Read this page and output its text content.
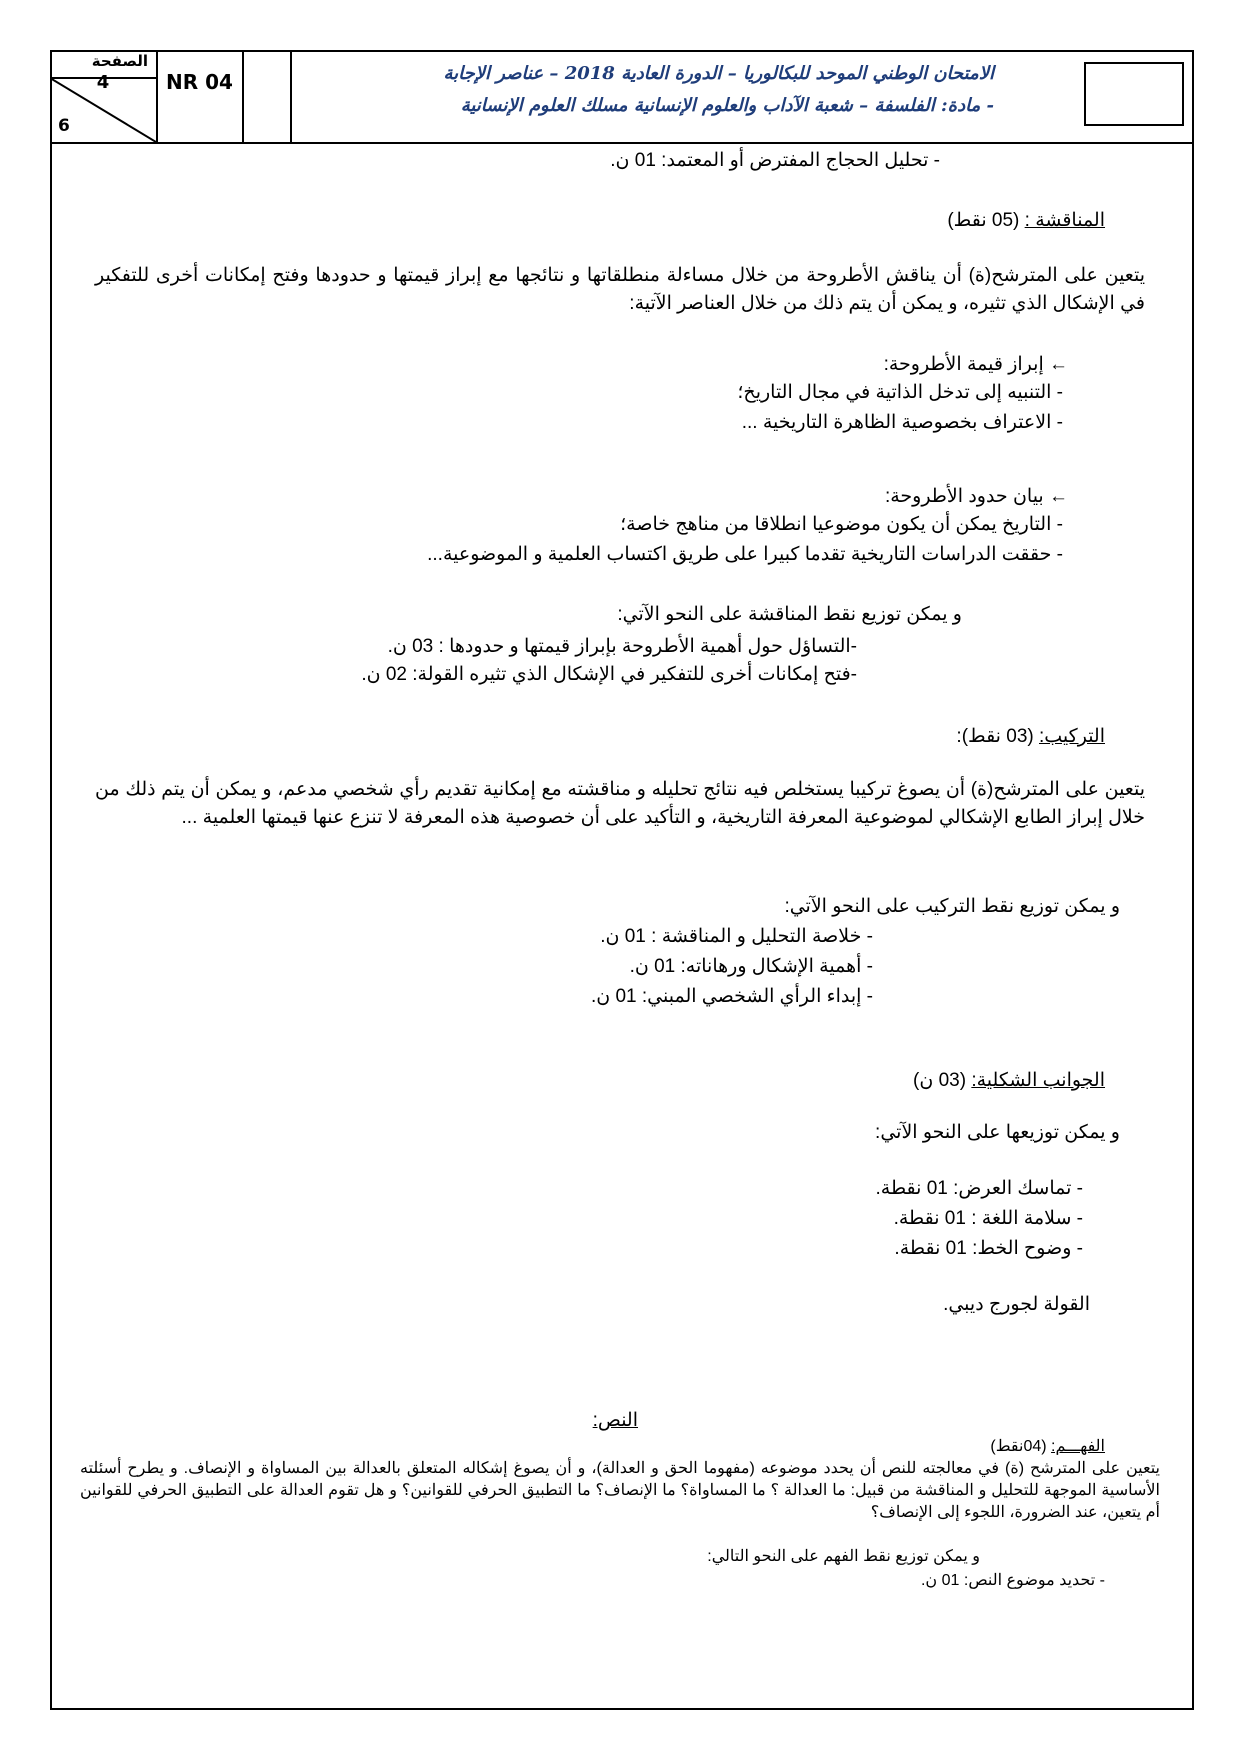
الصفحة
4
6
NR 04	الامتحان الوطني الموحد للبكالوريا – الدورة العادية 2018 – عناصر الإجابة
- مادة: الفلسفة – شعبة الآداب والعلوم الإنسانية مسلك العلوم الإنسانية
- تحليل الحجاج المفترض أو المعتمد: 01 ن.
المناقشة : (05 نقط)
يتعين على المترشح(ة) أن يناقش الأطروحة من خلال مساءلة منطلقاتها و نتائجها مع إبراز قيمتها و حدودها وفتح إمكانات أخرى للتفكير في الإشكال الذي تثيره، و يمكن أن يتم ذلك من خلال العناصر الآتية:
← إبراز قيمة الأطروحة:
- التنبيه إلى تدخل الذاتية في مجال التاريخ؛
- الاعتراف بخصوصية الظاهرة التاريخية ...
← بيان حدود الأطروحة:
- التاريخ يمكن أن يكون موضوعيا انطلاقا من مناهج خاصة؛
- حققت الدراسات التاريخية تقدما كبيرا على طريق اكتساب العلمية و الموضوعية...
و يمكن توزيع نقط المناقشة على النحو الآتي:
-التساؤل حول أهمية الأطروحة بإبراز قيمتها و حدودها : 03 ن.
-فتح إمكانات أخرى للتفكير في الإشكال الذي تثيره القولة: 02 ن.
التركيب: (03 نقط):
يتعين على المترشح(ة) أن يصوغ تركيبا يستخلص فيه نتائج تحليله و مناقشته مع إمكانية تقديم رأي شخصي مدعم، و يمكن أن يتم ذلك من خلال إبراز الطابع الإشكالي لموضوعية المعرفة التاريخية، و التأكيد على أن خصوصية هذه المعرفة لا تنزع عنها قيمتها العلمية ...
و يمكن توزيع نقط التركيب على النحو الآتي:
- خلاصة التحليل و المناقشة : 01 ن.
- أهمية الإشكال ورهاناته: 01 ن.
- إبداء الرأي الشخصي المبني: 01 ن.
الجوانب الشكلية: (03 ن)
و يمكن توزيعها على النحو الآتي:
- تماسك العرض: 01 نقطة.
- سلامة اللغة : 01 نقطة.
- وضوح الخط: 01 نقطة.
القولة لجورج ديبي.
النص:
الفهـــم: (04نقط)
يتعين على المترشح (ة) في معالجته للنص أن يحدد موضوعه (مفهوما الحق و العدالة)، و أن يصوغ إشكاله المتعلق بالعدالة بين المساواة و الإنصاف. و يطرح أسئلته الأساسية الموجهة للتحليل و المناقشة من قبيل: ما العدالة ؟ ما المساواة؟ ما الإنصاف؟ ما التطبيق الحرفي للقوانين؟ و هل تقوم العدالة على التطبيق الحرفي للقوانين أم يتعين، عند الضرورة، اللجوء إلى الإنصاف؟
و يمكن توزيع نقط الفهم على النحو التالي:
- تحديد موضوع النص: 01 ن.
